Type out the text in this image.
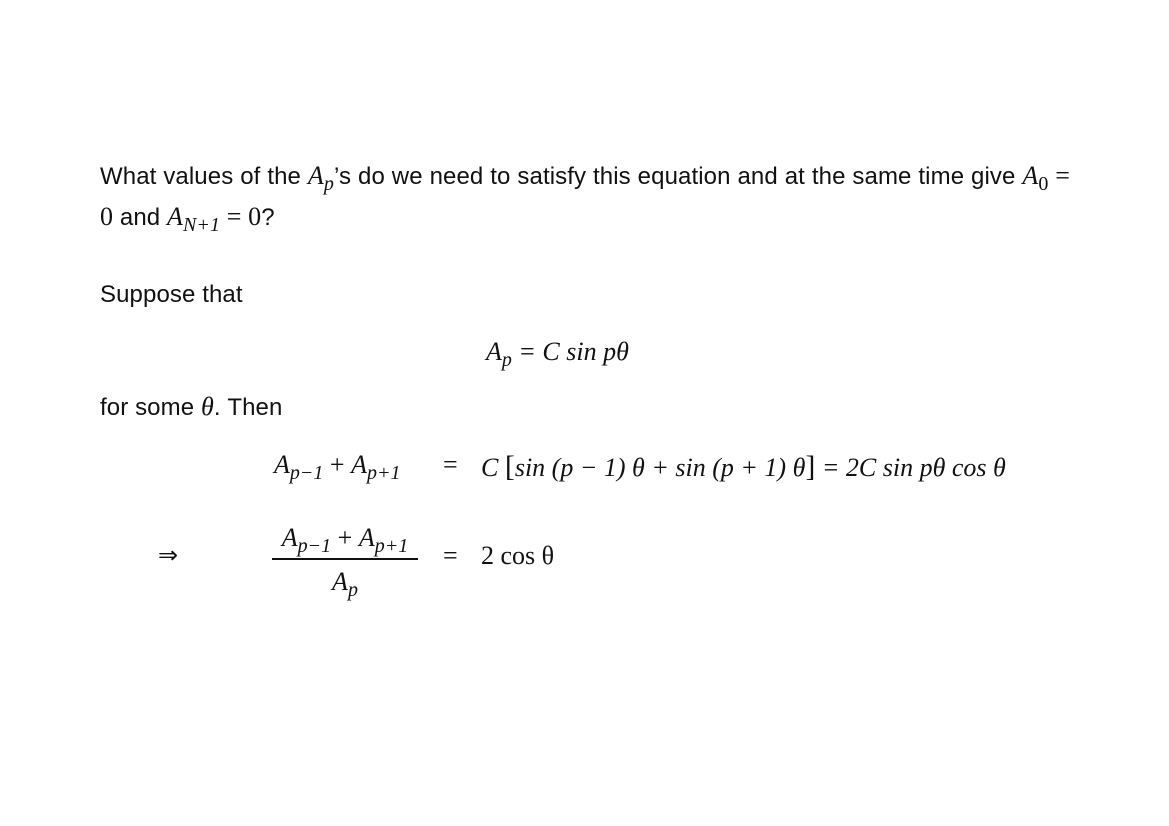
What values of the $A_p’s$ do we need to satisfy this equation and at the same time give $A_0 = 0$ and $A_{N+1} = 0$?
Suppose that
$A_p = C$ sin pθ
for some θ. Then
$A_{p-1} + A_{p+1} = C$ [sin (p − 1) θ + sin (p + 1) θ] = 2C sin pθ cos θ
⇒
$A_{p-1} + A_{p+1}$
$A_p$
= 2 cos θ
